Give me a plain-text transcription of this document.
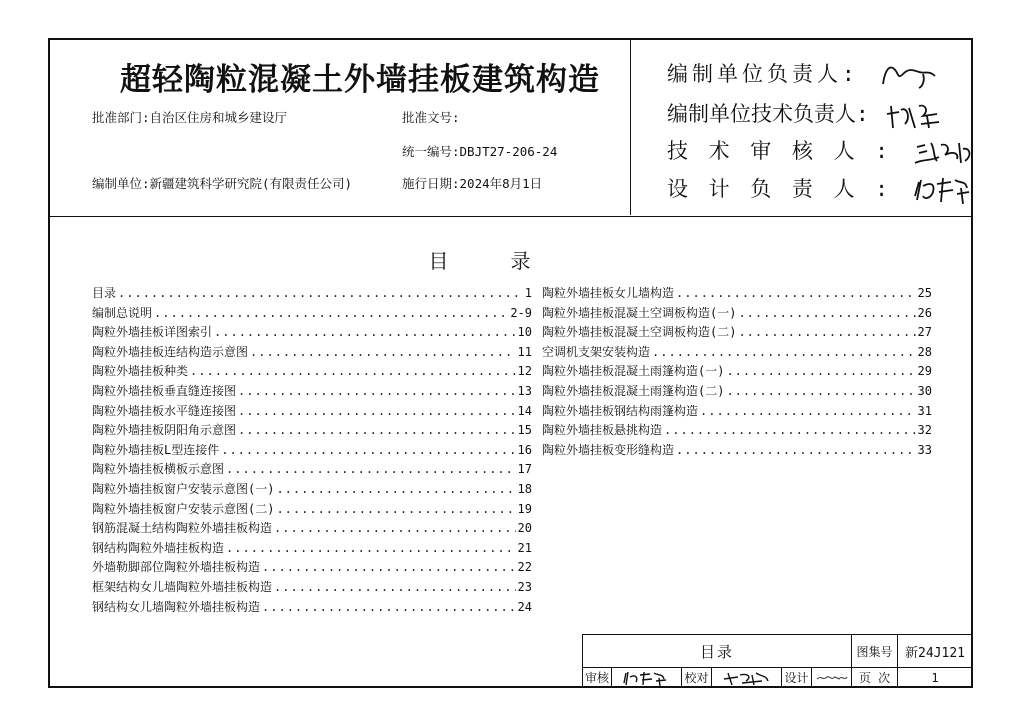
超轻陶粒混凝土外墙挂板建筑构造
批准部门:自治区住房和城乡建设厅	批准文号:
统一编号:DBJT27-206-24
编制单位:新疆建筑科学研究院(有限责任公司)	施行日期:2024年8月1日
编制单位负责人:
编制单位技术负责人:
技 术 审 核 人 :
设 计 负 责 人 :
目录
目录 .....	1
编制总说明 .....	2-9
陶粒外墙挂板详图索引 .....	10
陶粒外墙挂板连结构造示意图 .....	11
陶粒外墙挂板种类 .....	12
陶粒外墙挂板垂直缝连接图 .....	13
陶粒外墙挂板水平缝连接图 .....	14
陶粒外墙挂板阴阳角示意图 .....	15
陶粒外墙挂板L型连接件 .....	16
陶粒外墙挂板横板示意图 .....	17
陶粒外墙挂板窗户安装示意图(一) .....	18
陶粒外墙挂板窗户安装示意图(二) .....	19
钢筋混凝土结构陶粒外墙挂板构造 .....	20
钢结构陶粒外墙挂板构造 .....	21
外墙勒脚部位陶粒外墙挂板构造 .....	22
框架结构女儿墙陶粒外墙挂板构造 .....	23
钢结构女儿墙陶粒外墙挂板构造 .....	24
陶粒外墙挂板女儿墙构造 .....	25
陶粒外墙挂板混凝土空调板构造(一) .....	26
陶粒外墙挂板混凝土空调板构造(二) .....	27
空调机支架安装构造 .....	28
陶粒外墙挂板混凝土雨篷构造(一) .....	29
陶粒外墙挂板混凝土雨篷构造(二) .....	30
陶粒外墙挂板钢结构雨篷构造 .....	31
陶粒外墙挂板悬挑构造 .....	32
陶粒外墙挂板变形缝构造 .....	33
目录	图集号 新24J121
审核	校对	设计	页 次	1
